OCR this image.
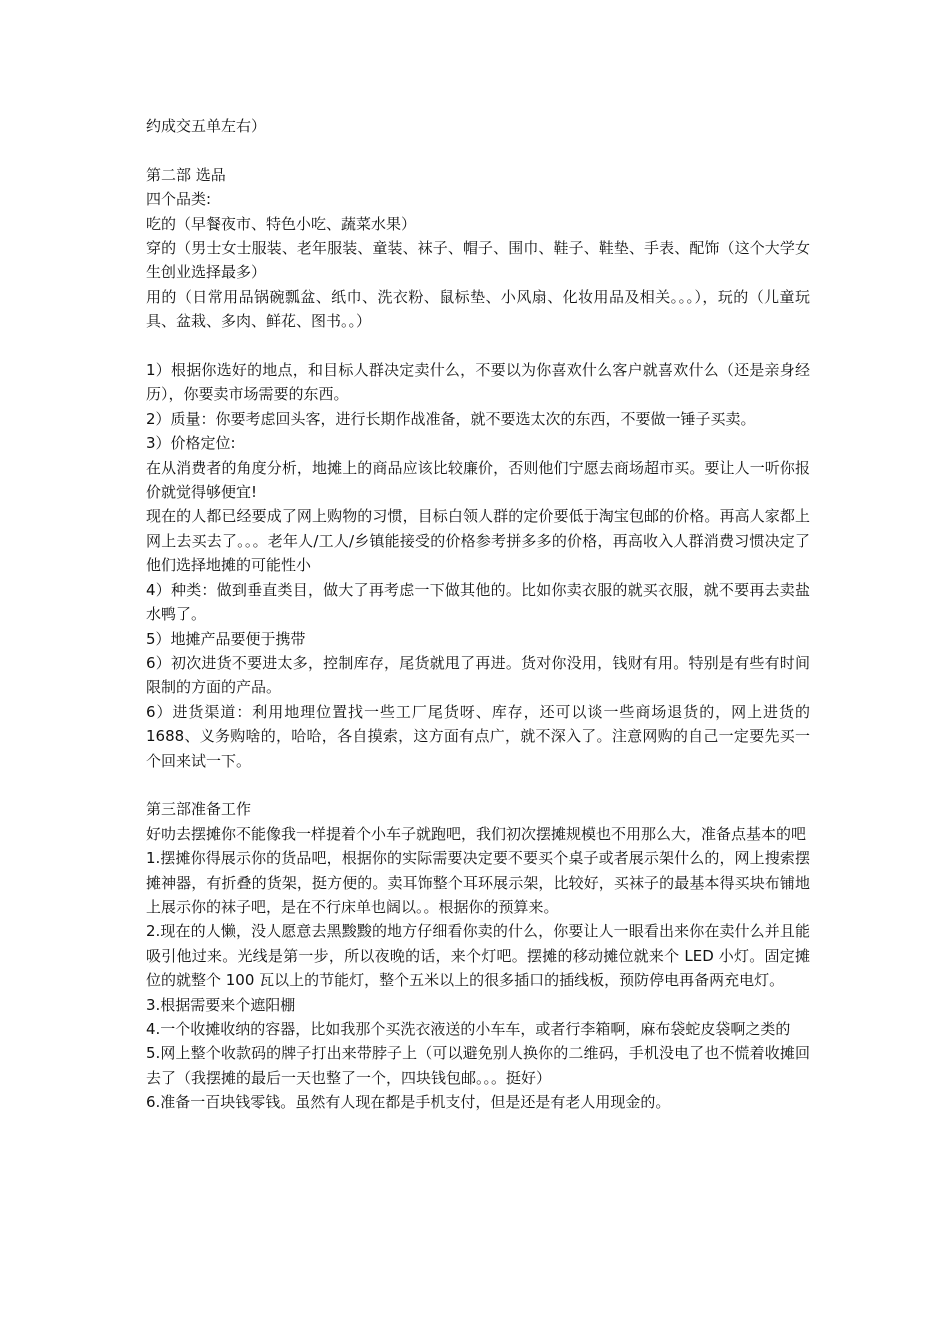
约成交五单左右）

第二部 选品

四个品类:

吃的（早餐夜市、特色小吃、蔬菜水果）

穿的（男士女士服装、老年服装、童装、袜子、帽子、围巾、鞋子、鞋垫、手表、配饰（这个大学女生创业选择最多）

用的（日常用品锅碗瓢盆、纸巾、洗衣粉、鼠标垫、小风扇、化妆用品及相关。。。），玩的（儿童玩具、盆栽、多肉、鲜花、图书。。）

1）根据你选好的地点，和目标人群决定卖什么，不要以为你喜欢什么客户就喜欢什么（还是亲身经历），你要卖市场需要的东西。

2）质量：你要考虑回头客，进行长期作战准备，就不要选太次的东西，不要做一锤子买卖。

3）价格定位:

在从消费者的角度分析，地摊上的商品应该比较廉价，否则他们宁愿去商场超市买。要让人一听你报价就觉得够便宜!

现在的人都已经要成了网上购物的习惯，目标白领人群的定价要低于淘宝包邮的价格。再高人家都上网上去买去了。。。老年人/工人/乡镇能接受的价格参考拼多多的价格，再高收入人群消费习惯决定了他们选择地摊的可能性小

4）种类：做到垂直类目，做大了再考虑一下做其他的。比如你卖衣服的就买衣服，就不要再去卖盐水鸭了。

5）地摊产品要便于携带

6）初次进货不要进太多，控制库存，尾货就甩了再进。货对你没用，钱财有用。特别是有些有时间限制的方面的产品。

6）进货渠道：利用地理位置找一些工厂尾货呀、库存，还可以谈一些商场退货的，网上进货的 1688、义务购啥的，哈哈，各自摸索，这方面有点广，就不深入了。注意网购的自己一定要先买一个回来试一下。

第三部准备工作

好叻去摆摊你不能像我一样提着个小车子就跑吧，我们初次摆摊规模也不用那么大，准备点基本的吧

1.摆摊你得展示你的货品吧，根据你的实际需要决定要不要买个桌子或者展示架什么的，网上搜索摆摊神器，有折叠的货架，挺方便的。卖耳饰整个耳环展示架，比较好，买袜子的最基本得买块布铺地上展示你的袜子吧，是在不行床单也阔以。。根据你的预算来。

2.现在的人懒，没人愿意去黑黢黢的地方仔细看你卖的什么，你要让人一眼看出来你在卖什么并且能吸引他过来。光线是第一步，所以夜晚的话，来个灯吧。摆摊的移动摊位就来个 LED 小灯。固定摊位的就整个 100 瓦以上的节能灯，整个五米以上的很多插口的插线板，预防停电再备两充电灯。

3.根据需要来个遮阳棚

4.一个收摊收纳的容器，比如我那个买洗衣液送的小车车，或者行李箱啊，麻布袋蛇皮袋啊之类的

5.网上整个收款码的牌子打出来带脖子上（可以避免别人换你的二维码，手机没电了也不慌着收摊回去了（我摆摊的最后一天也整了一个，四块钱包邮。。。挺好）

6.准备一百块钱零钱。虽然有人现在都是手机支付，但是还是有老人用现金的。
